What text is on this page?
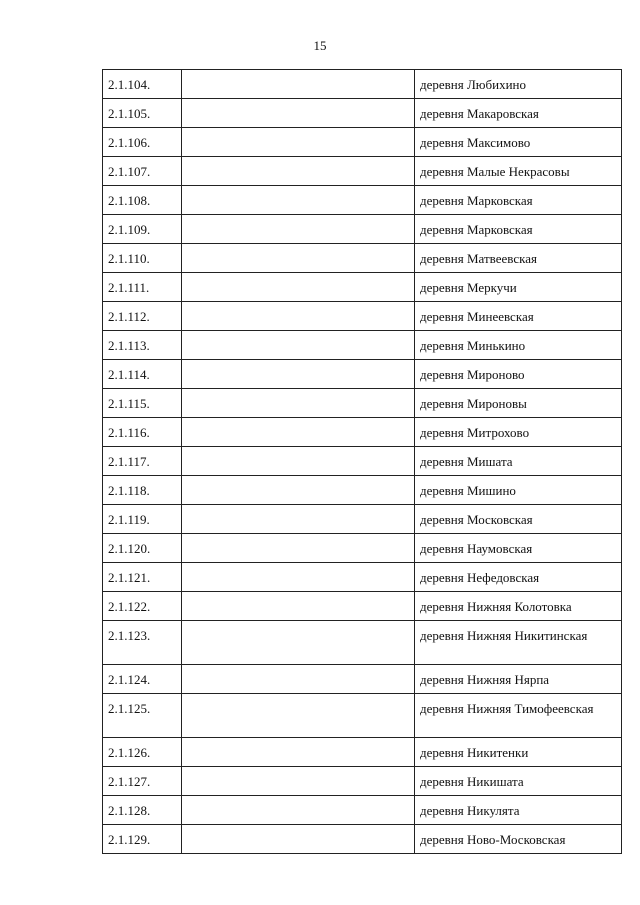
15
2.1.104.		деревня Любихино
2.1.105.		деревня Макаровская
2.1.106.		деревня Максимово
2.1.107.		деревня Малые Некрасовы
2.1.108.		деревня Марковская
2.1.109.		деревня Марковская
2.1.110.		деревня Матвеевская
2.1.111.		деревня Меркучи
2.1.112.		деревня Минеевская
2.1.113.		деревня Минькино
2.1.114.		деревня Мироново
2.1.115.		деревня Мироновы
2.1.116.		деревня Митрохово
2.1.117.		деревня Мишата
2.1.118.		деревня Мишино
2.1.119.		деревня Московская
2.1.120.		деревня Наумовская
2.1.121.		деревня Нефедовская
2.1.122.		деревня Нижняя Колотовка
2.1.123.		деревня Нижняя Никитинская
2.1.124.		деревня Нижняя Нярпа
2.1.125.		деревня Нижняя Тимофеевская
2.1.126.		деревня Никитенки
2.1.127.		деревня Никишата
2.1.128.		деревня Никулята
2.1.129.		деревня Ново-Московская
